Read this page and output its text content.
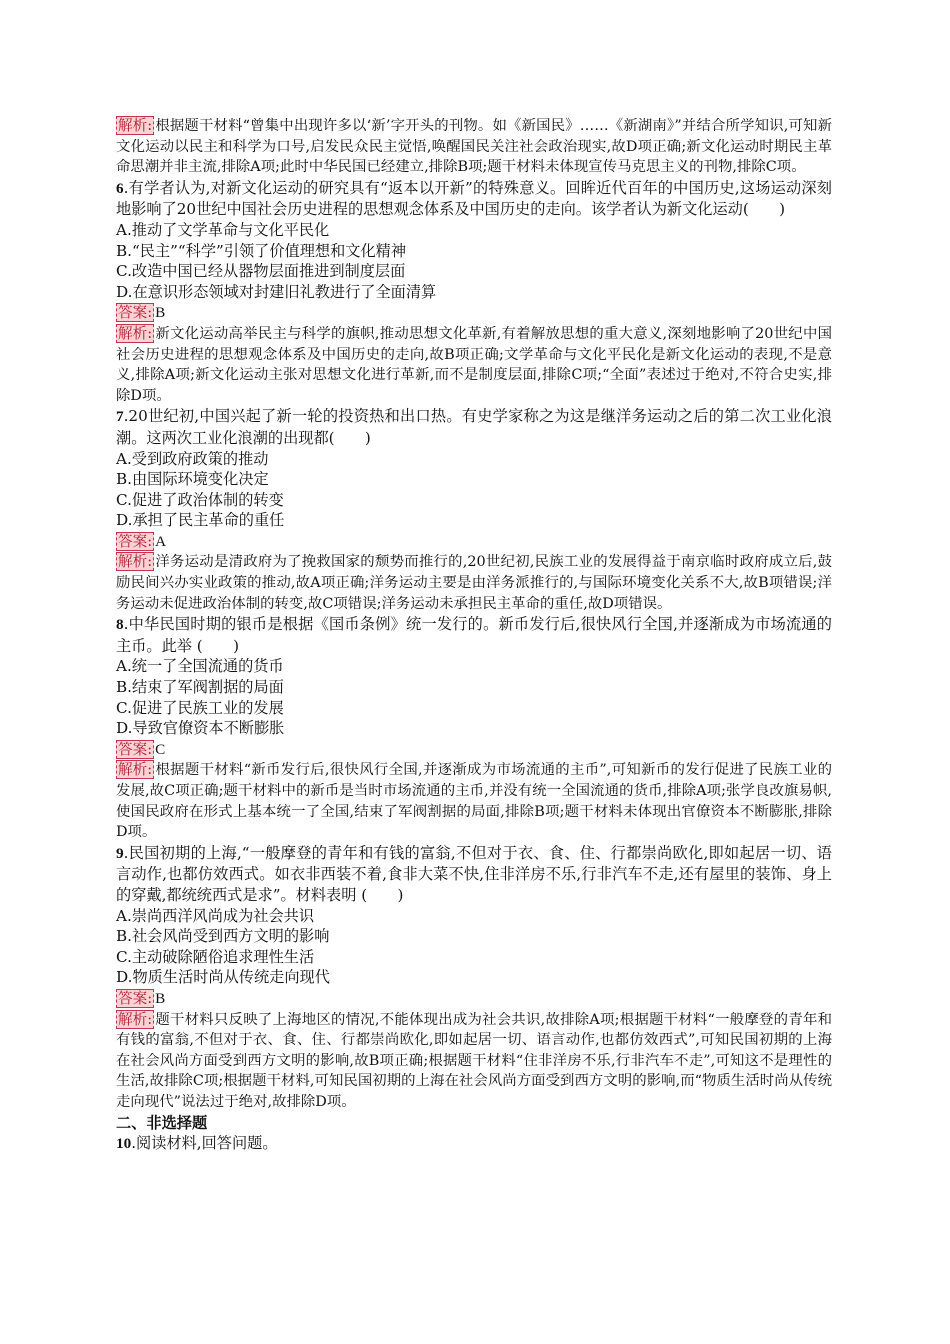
解析: 根据题干材料“曾集中出现许多以‘新’字开头的刊物。如《新国民》……《新湖南》”并结合所学知识,可知新文化运动以民主和科学为口号,启发民众民主觉悟,唤醒国民关注社会政治现实,故D项正确;新文化运动时期民主革命思潮并非主流,排除A项;此时中华民国已经建立,排除B项;题干材料未体现宣传马克思主义的刊物,排除C项。

6.有学者认为,对新文化运动的研究具有“返本以开新”的特殊意义。回眸近代百年的中国历史,这场运动深刻地影响了20世纪中国社会历史进程的思想观念体系及中国历史的走向。该学者认为新文化运动(　　)

A.推动了文学革命与文化平民化

B.“民主”“科学”引领了价值理想和文化精神

C.改造中国已经从器物层面推进到制度层面

D.在意识形态领域对封建旧礼教进行了全面清算

答案: B

解析: 新文化运动高举民主与科学的旗帜,推动思想文化革新,有着解放思想的重大意义,深刻地影响了20世纪中国社会历史进程的思想观念体系及中国历史的走向,故B项正确;文学革命与文化平民化是新文化运动的表现,不是意义,排除A项;新文化运动主张对思想文化进行革新,而不是制度层面,排除C项;“全面”表述过于绝对,不符合史实,排除D项。

7.20世纪初,中国兴起了新一轮的投资热和出口热。有史学家称之为这是继洋务运动之后的第二次工业化浪潮。这两次工业化浪潮的出现都(　　)

A.受到政府政策的推动

B.由国际环境变化决定

C.促进了政治体制的转变

D.承担了民主革命的重任

答案: A

解析: 洋务运动是清政府为了挽救国家的颓势而推行的,20世纪初,民族工业的发展得益于南京临时政府成立后,鼓励民间兴办实业政策的推动,故A项正确;洋务运动主要是由洋务派推行的,与国际环境变化关系不大,故B项错误;洋务运动未促进政治体制的转变,故C项错误;洋务运动未承担民主革命的重任,故D项错误。

8.中华民国时期的银币是根据《国币条例》统一发行的。新币发行后,很快风行全国,并逐渐成为市场流通的主币。此举 (　　)

A.统一了全国流通的货币

B.结束了军阀割据的局面

C.促进了民族工业的发展

D.导致官僚资本不断膨胀

答案: C

解析: 根据题干材料“新币发行后,很快风行全国,并逐渐成为市场流通的主币”,可知新币的发行促进了民族工业的发展,故C项正确;题干材料中的新币是当时市场流通的主币,并没有统一全国流通的货币,排除A项;张学良改旗易帜,使国民政府在形式上基本统一了全国,结束了军阀割据的局面,排除B项;题干材料未体现出官僚资本不断膨胀,排除D项。

9.民国初期的上海,“一般摩登的青年和有钱的富翁,不但对于衣、食、住、行都崇尚欧化,即如起居一切、语言动作,也都仿效西式。如衣非西装不着,食非大菜不快,住非洋房不乐,行非汽车不走,还有屋里的装饰、身上的穿戴,都统统西式是求”。材料表明 (　　)

A.崇尚西洋风尚成为社会共识

B.社会风尚受到西方文明的影响

C.主动破除陋俗追求理性生活

D.物质生活时尚从传统走向现代

答案: B

解析: 题干材料只反映了上海地区的情况,不能体现出成为社会共识,故排除A项;根据题干材料“一般摩登的青年和有钱的富翁,不但对于衣、食、住、行都崇尚欧化,即如起居一切、语言动作,也都仿效西式”,可知民国初期的上海在社会风尚方面受到西方文明的影响,故B项正确;根据题干材料“住非洋房不乐,行非汽车不走”,可知这不是理性的生活,故排除C项;根据题干材料,可知民国初期的上海在社会风尚方面受到西方文明的影响,而“物质生活时尚从传统走向现代”说法过于绝对,故排除D项。

二、非选择题

10.阅读材料,回答问题。
